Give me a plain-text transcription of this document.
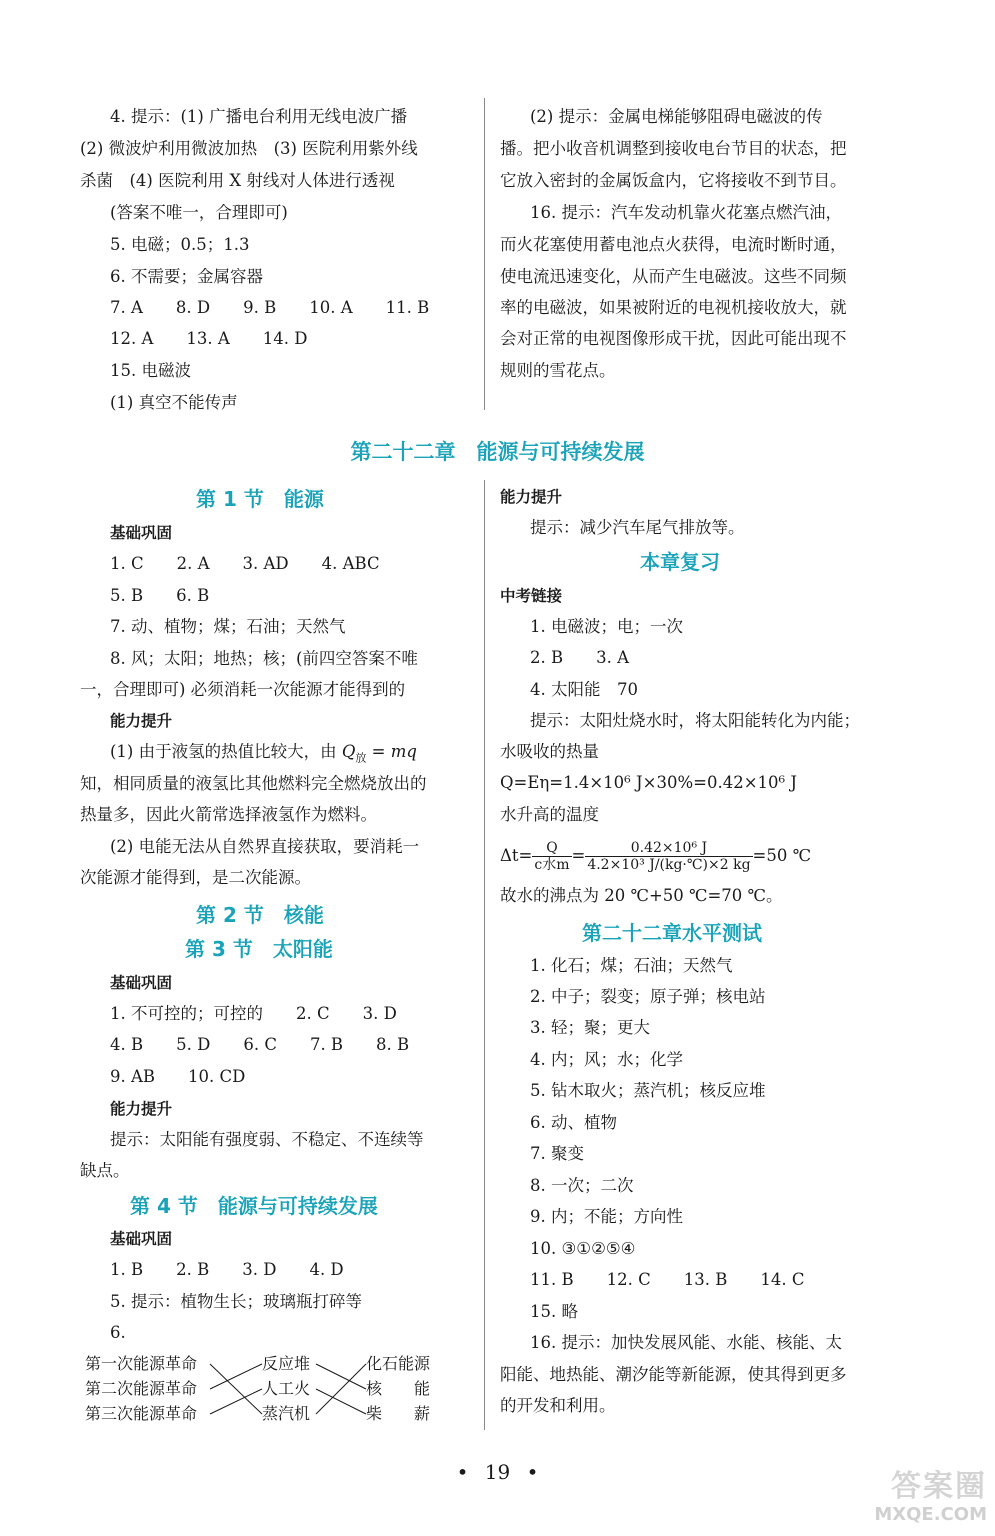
4. 提示：(1) 广播电台利用无线电波广播
(2) 微波炉利用微波加热　(3) 医院利用紫外线
杀菌　(4) 医院利用 X 射线对人体进行透视
(答案不唯一，合理即可)
5. 电磁；0.5；1.3
6. 不需要；金属容器
7. A　　8. D　　9. B　　10. A　　11. B
12. A　　13. A　　14. D
15. 电磁波
(1) 真空不能传声
(2) 提示：金属电梯能够阻碍电磁波的传
播。把小收音机调整到接收电台节目的状态，把
它放入密封的金属饭盒内，它将接收不到节目。
16. 提示：汽车发动机靠火花塞点燃汽油，
而火花塞使用蓄电池点火获得，电流时断时通，
使电流迅速变化，从而产生电磁波。这些不同频
率的电磁波，如果被附近的电视机接收放大，就
会对正常的电视图像形成干扰，因此可能出现不
规则的雪花点。
第二十二章　能源与可持续发展
第 1 节　能源
基础巩固
1. C　　2. A　　3. AD　　4. ABC
5. B　　6. B
7. 动、植物；煤；石油；天然气
8. 风；太阳；地热；核；(前四空答案不唯
一，合理即可) 必须消耗一次能源才能得到的
能力提升
(1) 由于液氢的热值比较大，由 $Q_放$ = mq
知，相同质量的液氢比其他燃料完全燃烧放出的
热量多，因此火箭常选择液氢作为燃料。
(2) 电能无法从自然界直接获取，要消耗一
次能源才能得到，是二次能源。
第 2 节　核能
第 3 节　太阳能
基础巩固
1. 不可控的；可控的　　2. C　　3. D
4. B　　5. D　　6. C　　7. B　　8. B
9. AB　　10. CD
能力提升
提示：太阳能有强度弱、不稳定、不连续等
缺点。
第 4 节　能源与可持续发展
基础巩固
1. B　　2. B　　3. D　　4. D
5. 提示：植物生长；玻璃瓶打碎等
6.
第一次能源革命
第二次能源革命
第三次能源革命
反应堆
人工火
蒸汽机
化石能源
核　　能
柴　　薪
能力提升
提示：减少汽车尾气排放等。
本章复习
中考链接
1. 电磁波；电；一次
2. B　　3. A
4. 太阳能　70
提示：太阳灶烧水时，将太阳能转化为内能；
水吸收的热量
Q=Eη=1.4×10⁶ J×30%=0.42×10⁶ J
水升高的温度
$\Delta t= \frac{Q}{\text{c水m}} = \frac{\text{0.42×10⁶ J}}{\text{4.2×10³ J/(kg·℃)×2 kg}} =50$ ℃
故水的沸点为 20 ℃+50 ℃=70 ℃。
第二十二章水平测试
1. 化石；煤；石油；天然气
2. 中子；裂变；原子弹；核电站
3. 轻；聚；更大
4. 内；风；水；化学
5. 钻木取火；蒸汽机；核反应堆
6. 动、植物
7. 聚变
8. 一次；二次
9. 内；不能；方向性
10. ③①②⑤④
11. B　　12. C　　13. B　　14. C
15. 略
16. 提示：加快发展风能、水能、核能、太
阳能、地热能、潮汐能等新能源，使其得到更多
的开发和利用。
• 19 •	答案圈
MXQE.COM
